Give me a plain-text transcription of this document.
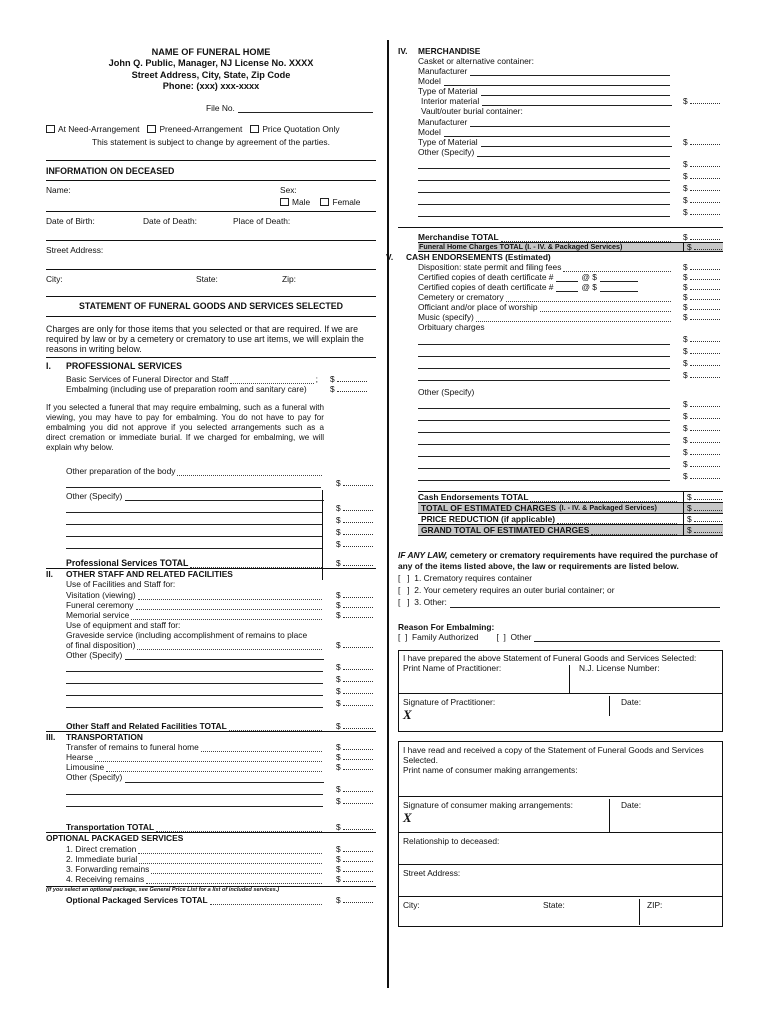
NAME OF FUNERAL HOME
John Q. Public, Manager, NJ License No. XXXX
Street Address, City, State, Zip Code
Phone: (xxx) xxx-xxxx
File No.
At Need-Arrangement	Preneed-Arrangement	Price Quotation Only
This statement is subject to change by agreement of the parties.
INFORMATION ON DECEASED
Name:	Sex:
Male	Female
Date of Birth:	Date of Death:	Place of Death:
Street Address:
City:	State:	Zip:
STATEMENT OF FUNERAL GOODS AND SERVICES SELECTED
Charges are only for those items that you selected or that are required. If we are required by law or by a cemetery or crematory to use art items, we will explain the reasons in writing below.
I.	PROFESSIONAL SERVICES
Basic Services of Funeral Director and Staff	; $
Embalming (including use of preparation room and sanitary care)	$
If you selected a funeral that may require embalming, such as a funeral with viewing, you may have to pay for embalming. You do not have to pay for embalming you did not approve if you selected arrangements such as a direct cremation or immediate burial. If we charged for embalming, we will explain why below.
Other preparation of the body
$
Other (Specify)
$
$
$
$
Professional Services TOTAL	$
II.	OTHER STAFF AND RELATED FACILITIES
Use of Facilities and Staff for:
Visitation (viewing)	$
Funeral ceremony	$
Memorial service	$
Use of equipment and staff for:
Graveside service (including accomplishment of remains to place
of final disposition)	$
Other (Specify)
$
$
$
$
Other Staff and Related Facilities TOTAL	$
III.	TRANSPORTATION
Transfer of remains to funeral home	$
Hearse	$
Limousine	$
Other (Specify)
$
$
Transportation TOTAL	$
OPTIONAL PACKAGED SERVICES
1. Direct cremation	$
2. Immediate burial	$
3. Forwarding remains	$
4. Receiving remains	$
(If you select an optional package, see General Price List for a list of included services.)
Optional Packaged Services TOTAL	$
IV.	MERCHANDISE
Casket or alternative container:
Manufacturer
Model
Type of Material
Interior material	$
Vault/outer burial container:
Manufacturer
Model
Type of Material	$
Other (Specify)
$
$
$
$
$
Merchandise TOTAL	$
Funeral Home Charges TOTAL (I. - IV. & Packaged Services)	$
V.	CASH ENDORSEMENTS (Estimated)
Disposition: state permit and filing fees	$
Certified copies of death certificate #	@ $	$
Certified copies of death certificate #	@ $	$
Cemetery or crematory	$
Officiant and/or place of worship	$
Music (specify)	$
Orbituary charges
$
$
$
$
Other (Specify)
$
$
$
$
$
$
$
Cash Endorsements TOTAL	$
TOTAL OF ESTIMATED CHARGES (I. - IV. & Packaged Services)	$
PRICE REDUCTION (if applicable)	$
GRAND TOTAL OF ESTIMATED CHARGES	$
IF ANY LAW, cemetery or crematory requirements have required the purchase of any of the items listed above, the law or requirements are listed below.
[   ]  1. Crematory requires container
[   ]  2. Your cemetery requires an outer burial container; or
[   ] 3. Other:
Reason For Embalming:
[  ]  Family Authorized [  ]  Other
I have prepared the above Statement of Funeral Goods and Services Selected:
Print Name of Practitioner:	N.J. License Number:
Signature of Practitioner:	Date:
X
I have read and received a copy of the Statement of Funeral Goods and Services Selected.
Print name of consumer making arrangements:
Signature of consumer making arrangements:	Date:
X
Relationship to deceased:
Street Address:
City:	State:	ZIP:
